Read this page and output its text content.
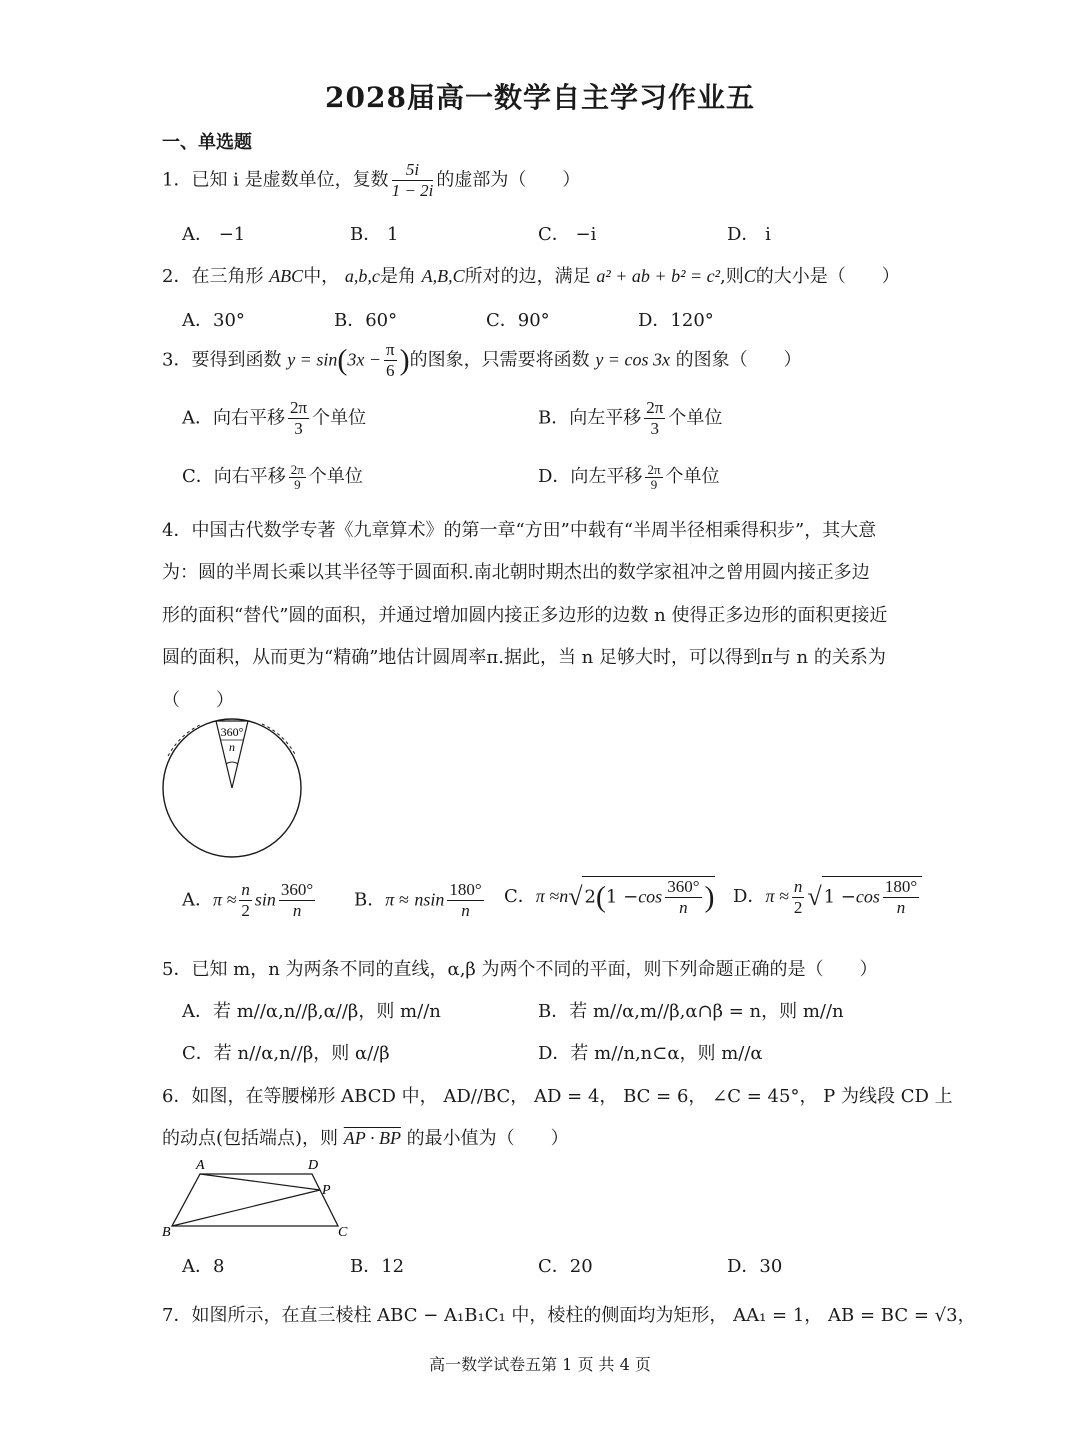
2028届高一数学自主学习作业五
一、单选题
1．已知 i 是虚数单位，复数 $\frac{5i}{1 - 2i}$ 的虚部为（　　）
A． −1	B． 1	C． −i	D． i
2．在三角形 ABC中， a,b,c是角 A,B,C所对的边，满足 a² + ab + b² = c²,则C的大小是（　　）
A．30°	B．60°	C．90°	D．120°
3．要得到函数 $y = \sin(3x - \frac{\pi}{6}$ )的图象，只需要将函数 y = cos 3x 的图象（　　）
A．向右平移 $\frac{2\pi}{3}$ 个单位	B．向左平移 $\frac{2\pi}{3}$ 个单位
C．向右平移 $\frac{2\pi}{9}$ 个单位	D．向左平移 $\frac{2\pi}{9}$ 个单位
4．中国古代数学专著《九章算术》的第一章“方田”中载有“半周半径相乘得积步”，其大意
为：圆的半周长乘以其半径等于圆面积.南北朝时期杰出的数学家祖冲之曾用圆内接正多边
形的面积“替代”圆的面积，并通过增加圆内接正多边形的边数 n 使得正多边形的面积更接近
圆的面积，从而更为“精确”地估计圆周率π.据此，当 n 足够大时，可以得到π与 n 的关系为
（　　）
360°
n
A．$\pi \approx \frac{n}{2}$ $\sin \frac{360^\circ}{n}$ B．π ≈ nsin $\frac{180^\circ}{n}$ C．π ≈n√ $2(1 -\cos \frac{360^\circ}{n}$ ) D．$\pi \approx \frac{n}{2}$ √ $1 -\cos \frac{180^\circ}{n}$
5．已知 m，n 为两条不同的直线，α,β 为两个不同的平面，则下列命题正确的是（　　）
A．若 m//α,n//β,α//β，则 m//n	B．若 m//α,m//β,α∩β = n，则 m//n
C．若 n//α,n//β，则 α//β	D．若 m//n,n⊂α，则 m//α
6．如图，在等腰梯形 ABCD 中， AD//BC， AD = 4， BC = 6， ∠C = 45°， P 为线段 CD 上
的动点(包括端点)，则 AP · BP 的最小值为（　　）
A	D
P
B	C
A．8	B．12	C．20	D．30
7．如图所示，在直三棱柱 ABC − A₁B₁C₁ 中，棱柱的侧面均为矩形， AA₁ = 1， AB = BC = √3，
高一数学试卷五第 1 页 共 4 页
